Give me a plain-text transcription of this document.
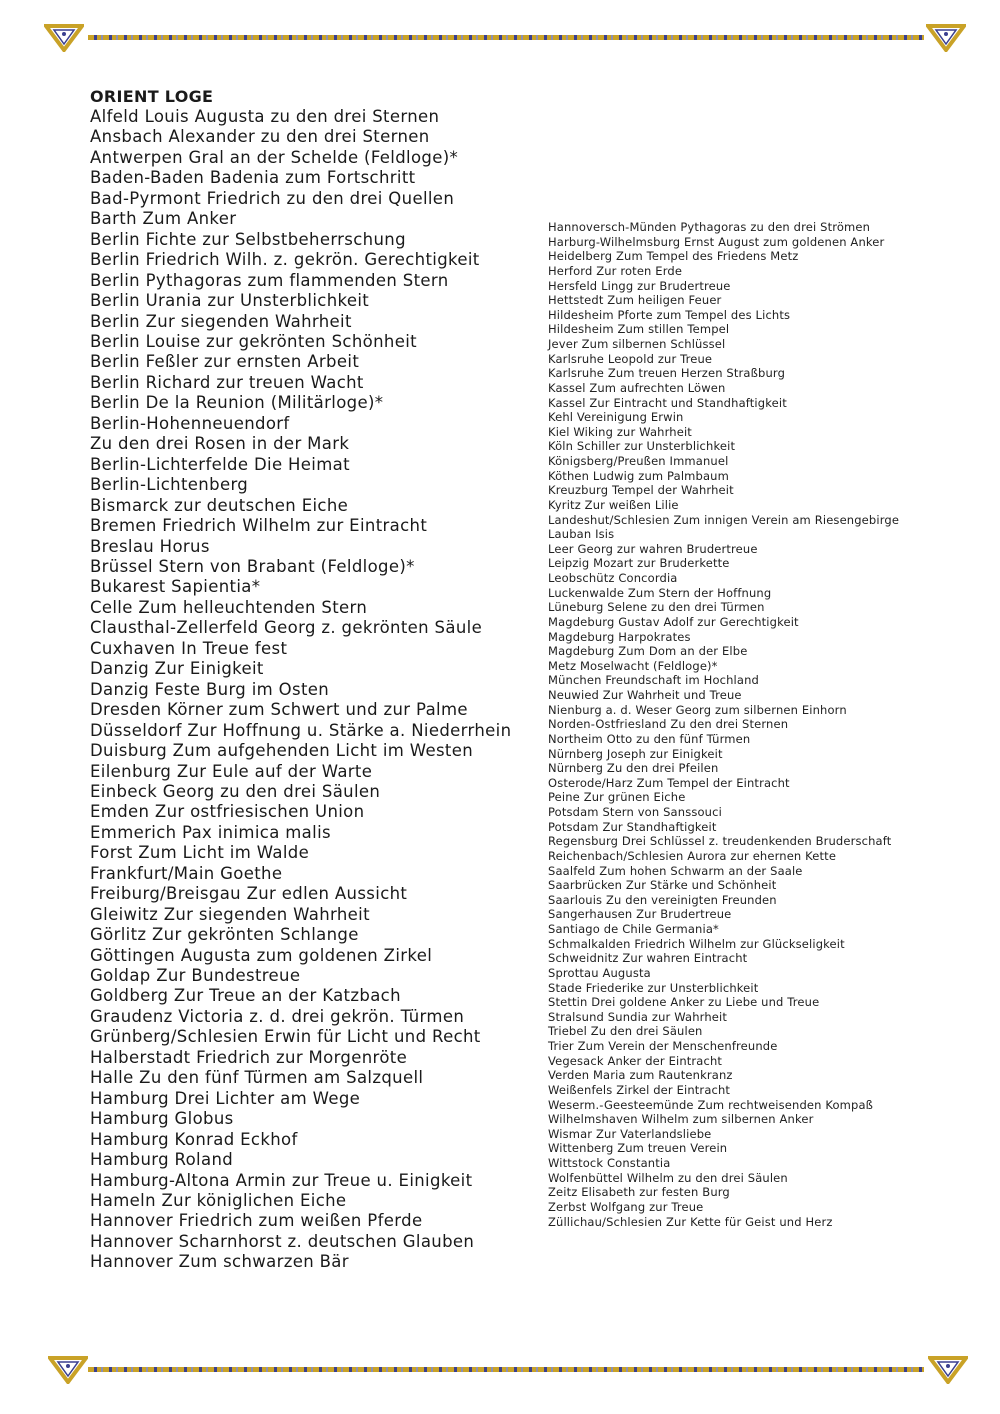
ORIENT LOGE
Alfeld Louis Augusta zu den drei Sternen
Ansbach Alexander zu den drei Sternen
Antwerpen Gral an der Schelde (Feldloge)*
Baden-Baden Badenia zum Fortschritt
Bad-Pyrmont Friedrich zu den drei Quellen
Barth Zum Anker
Berlin Fichte zur Selbstbeherrschung
Berlin Friedrich Wilh. z. gekrön. Gerechtigkeit
Berlin Pythagoras zum flammenden Stern
Berlin Urania zur Unsterblichkeit
Berlin Zur siegenden Wahrheit
Berlin Louise zur gekrönten Schönheit
Berlin Feßler zur ernsten Arbeit
Berlin Richard zur treuen Wacht
Berlin De la Reunion (Militärloge)*
Berlin-Hohenneuendorf
Zu den drei Rosen in der Mark
Berlin-Lichterfelde Die Heimat
Berlin-Lichtenberg
Bismarck zur deutschen Eiche
Bremen Friedrich Wilhelm zur Eintracht
Breslau Horus
Brüssel Stern von Brabant (Feldloge)*
Bukarest Sapientia*
Celle Zum helleuchtenden Stern
Clausthal-Zellerfeld Georg z. gekrönten Säule
Cuxhaven In Treue fest
Danzig Zur Einigkeit
Danzig Feste Burg im Osten
Dresden Körner zum Schwert und zur Palme
Düsseldorf Zur Hoffnung u. Stärke a. Niederrhein
Duisburg Zum aufgehenden Licht im Westen
Eilenburg Zur Eule auf der Warte
Einbeck Georg zu den drei Säulen
Emden Zur ostfriesischen Union
Emmerich Pax inimica malis
Forst Zum Licht im Walde
Frankfurt/Main Goethe
Freiburg/Breisgau Zur edlen Aussicht
Gleiwitz Zur siegenden Wahrheit
Görlitz Zur gekrönten Schlange
Göttingen Augusta zum goldenen Zirkel
Goldap Zur Bundestreue
Goldberg Zur Treue an der Katzbach
Graudenz Victoria z. d. drei gekrön. Türmen
Grünberg/Schlesien Erwin für Licht und Recht
Halberstadt Friedrich zur Morgenröte
Halle Zu den fünf Türmen am Salzquell
Hamburg Drei Lichter am Wege
Hamburg Globus
Hamburg Konrad Eckhof
Hamburg Roland
Hamburg-Altona Armin zur Treue u. Einigkeit
Hameln Zur königlichen Eiche
Hannover Friedrich zum weißen Pferde
Hannover Scharnhorst z. deutschen Glauben
Hannover Zum schwarzen Bär
Hannoversch-Münden Pythagoras zu den drei Strömen
Harburg-Wilhelmsburg Ernst August zum goldenen Anker
Heidelberg Zum Tempel des Friedens Metz
Herford Zur roten Erde
Hersfeld Lingg zur Brudertreue
Hettstedt Zum heiligen Feuer
Hildesheim Pforte zum Tempel des Lichts
Hildesheim Zum stillen Tempel
Jever Zum silbernen Schlüssel
Karlsruhe Leopold zur Treue
Karlsruhe Zum treuen Herzen Straßburg
Kassel Zum aufrechten Löwen
Kassel Zur Eintracht und Standhaftigkeit
Kehl Vereinigung Erwin
Kiel Wiking zur Wahrheit
Köln Schiller zur Unsterblichkeit
Königsberg/Preußen Immanuel
Köthen Ludwig zum Palmbaum
Kreuzburg Tempel der Wahrheit
Kyritz Zur weißen Lilie
Landeshut/Schlesien Zum innigen Verein am Riesengebirge
Lauban Isis
Leer Georg zur wahren Brudertreue
Leipzig Mozart zur Bruderkette
Leobschütz Concordia
Luckenwalde Zum Stern der Hoffnung
Lüneburg Selene zu den drei Türmen
Magdeburg Gustav Adolf zur Gerechtigkeit
Magdeburg Harpokrates
Magdeburg Zum Dom an der Elbe
Metz Moselwacht (Feldloge)*
München Freundschaft im Hochland
Neuwied Zur Wahrheit und Treue
Nienburg a. d. Weser Georg zum silbernen Einhorn
Norden-Ostfriesland Zu den drei Sternen
Northeim Otto zu den fünf Türmen
Nürnberg Joseph zur Einigkeit
Nürnberg Zu den drei Pfeilen
Osterode/Harz Zum Tempel der Eintracht
Peine Zur grünen Eiche
Potsdam Stern von Sanssouci
Potsdam Zur Standhaftigkeit
Regensburg Drei Schlüssel z. treudenkenden Bruderschaft
Reichenbach/Schlesien Aurora zur ehernen Kette
Saalfeld Zum hohen Schwarm an der Saale
Saarbrücken Zur Stärke und Schönheit
Saarlouis Zu den vereinigten Freunden
Sangerhausen Zur Brudertreue
Santiago de Chile Germania*
Schmalkalden Friedrich Wilhelm zur Glückseligkeit
Schweidnitz Zur wahren Eintracht
Sprottau Augusta
Stade Friederike zur Unsterblichkeit
Stettin Drei goldene Anker zu Liebe und Treue
Stralsund Sundia zur Wahrheit
Triebel Zu den drei Säulen
Trier Zum Verein der Menschenfreunde
Vegesack Anker der Eintracht
Verden Maria zum Rautenkranz
Weißenfels Zirkel der Eintracht
Weserm.-Geesteemünde Zum rechtweisenden Kompaß
Wilhelmshaven Wilhelm zum silbernen Anker
Wismar Zur Vaterlandsliebe
Wittenberg Zum treuen Verein
Wittstock Constantia
Wolfenbüttel Wilhelm zu den drei Säulen
Zeitz Elisabeth zur festen Burg
Zerbst Wolfgang zur Treue
Züllichau/Schlesien Zur Kette für Geist und Herz
